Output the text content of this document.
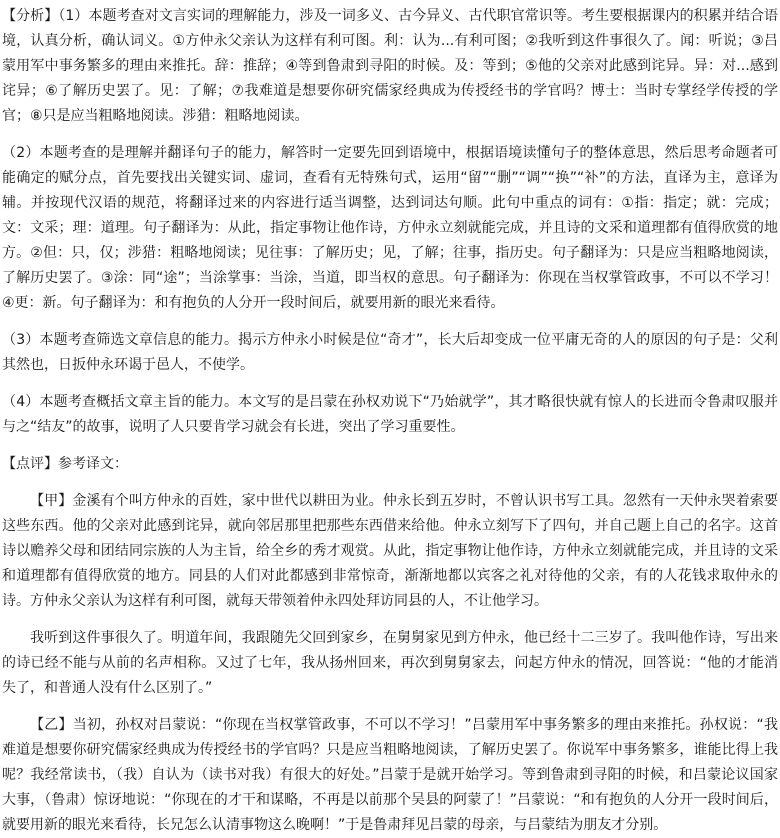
【分析】（1）本题考查对文言实词的理解能力，涉及一词多义、古今异义、古代职官常识等。考生要根据课内的积累并结合语境，认真分析，确认词义。①方仲永父亲认为这样有利可图。利：认为...有利可图；②我听到这件事很久了。闻：听说；③吕蒙用军中事务繁多的理由来推托。辞：推辞；④等到鲁肃到寻阳的时候。及：等到；⑤他的父亲对此感到诧异。异：对...感到诧异；⑥了解历史罢了。见：了解；⑦我难道是想要你研究儒家经典成为传授经书的学官吗？博士：当时专掌经学传授的学官；⑧只是应当粗略地阅读。涉猎：粗略地阅读。

（2）本题考查的是理解并翻译句子的能力，解答时一定要先回到语境中，根据语境读懂句子的整体意思，然后思考命题者可能确定的赋分点，首先要找出关键实词、虚词，查看有无特殊句式，运用“留”“删”“调”“换”“补”的方法，直译为主，意译为辅。并按现代汉语的规范，将翻译过来的内容进行适当调整，达到词达句顺。此句中重点的词有：①指：指定；就：完成；文：文采；理：道理。句子翻译为：从此，指定事物让他作诗，方仲永立刻就能完成，并且诗的文采和道理都有值得欣赏的地方。②但：只，仅；涉猎：粗略地阅读；见往事：了解历史；见，了解；往事，指历史。句子翻译为：只是应当粗略地阅读，了解历史罢了。③涂：同“途”；当涂掌事：当涂，当道，即当权的意思。句子翻译为：你现在当权掌管政事，不可以不学习！④更：新。句子翻译为：和有抱负的人分开一段时间后，就要用新的眼光来看待。

（3）本题考查筛选文章信息的能力。揭示方仲永小时候是位“奇才”，长大后却变成一位平庸无奇的人的原因的句子是：父利其然也，日扳仲永环谒于邑人，不使学。

（4）本题考查概括文章主旨的能力。本文写的是吕蒙在孙权劝说下“乃始就学”，其才略很快就有惊人的长进而令鲁肃叹服并与之“结友”的故事，说明了人只要肯学习就会有长进，突出了学习重要性。

【点评】参考译文：

【甲】金溪有个叫方仲永的百姓，家中世代以耕田为业。仲永长到五岁时，不曾认识书写工具。忽然有一天仲永哭着索要这些东西。他的父亲对此感到诧异，就向邻居那里把那些东西借来给他。仲永立刻写下了四句，并自己题上自己的名字。这首诗以赡养父母和团结同宗族的人为主旨，给全乡的秀才观赏。从此，指定事物让他作诗，方仲永立刻就能完成，并且诗的文采和道理都有值得欣赏的地方。同县的人们对此都感到非常惊奇，渐渐地都以宾客之礼对待他的父亲，有的人花钱求取仲永的诗。方仲永父亲认为这样有利可图，就每天带领着仲永四处拜访同县的人，不让他学习。

我听到这件事很久了。明道年间，我跟随先父回到家乡，在舅舅家见到方仲永，他已经十二三岁了。我叫他作诗，写出来的诗已经不能与从前的名声相称。又过了七年，我从扬州回来，再次到舅舅家去，问起方仲永的情况，回答说：“他的才能消失了，和普通人没有什么区别了。”

【乙】当初，孙权对吕蒙说：“你现在当权掌管政事，不可以不学习！”吕蒙用军中事务繁多的理由来推托。孙权说：“我难道是想要你研究儒家经典成为传授经书的学官吗？只是应当粗略地阅读，了解历史罢了。你说军中事务繁多，谁能比得上我呢？我经常读书，（我）自认为（读书对我）有很大的好处。”吕蒙于是就开始学习。等到鲁肃到寻阳的时候，和吕蒙论议国家大事，（鲁肃）惊讶地说：“你现在的才干和谋略，不再是以前那个吴县的阿蒙了！”吕蒙说：“和有抱负的人分开一段时间后，就要用新的眼光来看待，长兄怎么认清事物这么晚啊！”于是鲁肃拜见吕蒙的母亲，与吕蒙结为朋友才分别。
